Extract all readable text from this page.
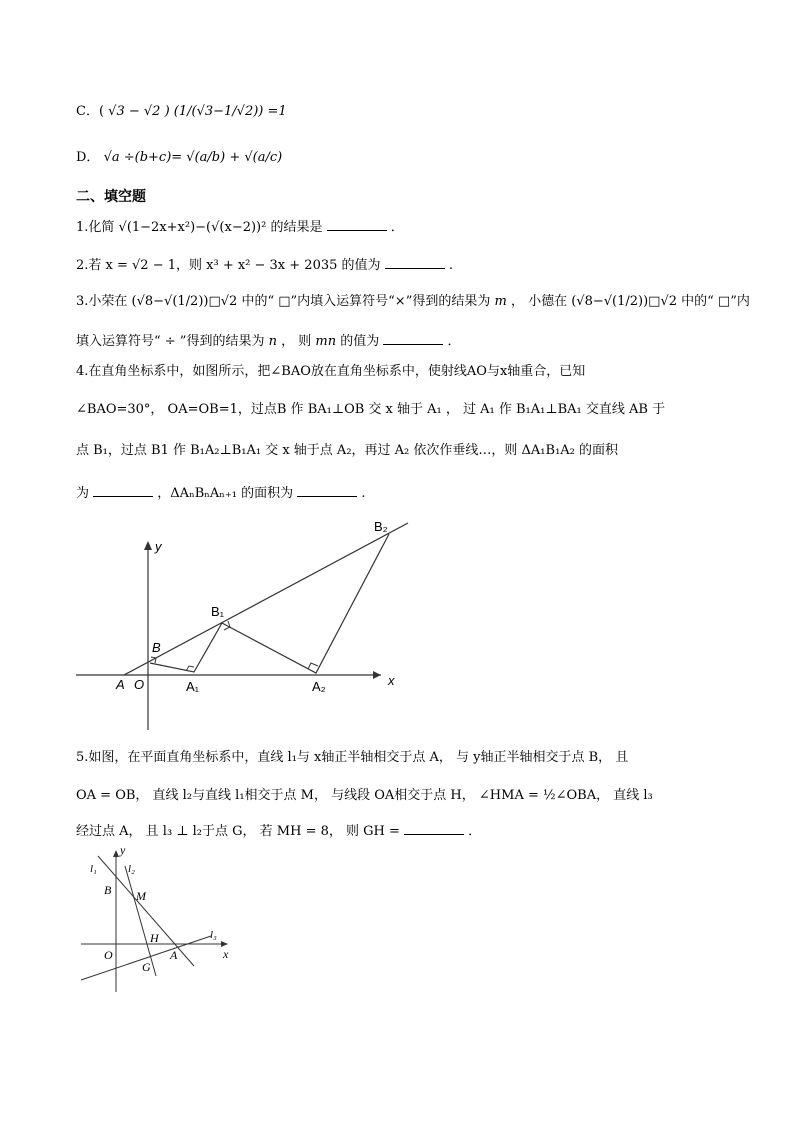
C．( √3 − √2 ) (1/(√3−1/√2)) =1
D． √a ÷(b+c)= √(a/b) + √(a/c)
二、填空题
1.化简 √(1−2x+x²)−(√(x−2))² 的结果是	．
2.若 x = √2 − 1，则 x³ + x² − 3x + 2035 的值为	.
3.小荣在 (√8−√(1/2))□√2 中的“ □”内填入运算符号“×”得到的结果为 m ， 小德在 (√8−√(1/2))□√2 中的“ □”内
填入运算符号“ ÷ ”得到的结果为 n ， 则 mn 的值为	．
4.在直角坐标系中，如图所示，把∠BAO放在直角坐标系中，使射线AO与x轴重合，已知
∠BAO=30°， OA=OB=1，过点B 作 BA₁⊥OB 交 x 轴于 A₁ ， 过 A₁ 作 B₁A₁⊥BA₁ 交直线 AB 于
点 B₁，过点 B1 作 B₁A₂⊥B₁A₁ 交 x 轴于点 A₂，再过 A₂ 依次作垂线…，则 ΔA₁B₁A₂ 的面积
为	，ΔAₙBₙAₙ₊₁ 的面积为	.
y
x
A O
B
A₁
B₁
A₂
B₂
5.如图，在平面直角坐标系中，直线 l₁与 x轴正半轴相交于点 A， 与 y轴正半轴相交于点 B， 且
OA = OB， 直线 l₂与直线 l₁相交于点 M， 与线段 OA相交于点 H， ∠HMA = ½∠OBA， 直线 l₃
经过点 A， 且 l₃ ⊥ l₂于点 G， 若 MH = 8， 则 GH =	．
y
x
l₁	l₂
l₃
B M
H
O
G
A
